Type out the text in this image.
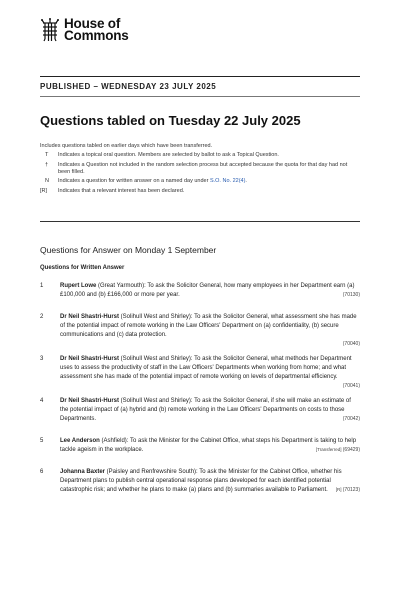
House of
Commons
PUBLISHED – WEDNESDAY 23 JULY 2025
Questions tabled on Tuesday 22 July 2025
Includes questions tabled on earlier days which have been transferred.
T	Indicates a topical oral question. Members are selected by ballot to ask a Topical Question.
†	Indicates a Question not included in the random selection process but accepted because the quota for that day had not been filled.
N	Indicates a question for written answer on a named day under S.O. No. 22(4).
[R]	Indicates that a relevant interest has been declared.
Questions for Answer on Monday 1 September
Questions for Written Answer
1	Rupert Lowe (Great Yarmouth): To ask the Solicitor General, how many employees in her Department earn (a) £100,000 and (b) £166,000 or more per year.	(70130)
2	Dr Neil Shastri-Hurst (Solihull West and Shirley): To ask the Solicitor General, what assessment she has made of the potential impact of remote working in the Law Officers' Department on (a) confidentiality, (b) secure communications and (c) data protection.
(70040)
3	Dr Neil Shastri-Hurst (Solihull West and Shirley): To ask the Solicitor General, what methods her Department uses to assess the productivity of staff in the Law Officers' Departments when working from home; and what assessment she has made of the potential impact of remote working on levels of departmental efficiency.
(70041)
4	Dr Neil Shastri-Hurst (Solihull West and Shirley): To ask the Solicitor General, if she will make an estimate of the potential impact of (a) hybrid and (b) remote working in the Law Officers' Departments on costs to those Departments.	(70042)
5	Lee Anderson (Ashfield): To ask the Minister for the Cabinet Office, what steps his Department is taking to help tackle ageism in the workplace.	[Transferred] (69429)
6	Johanna Baxter (Paisley and Renfrewshire South): To ask the Minister for the Cabinet Office, whether his Department plans to publish central operational response plans developed for each identified potential catastrophic risk; and whether he plans to make (a) plans and (b) summaries available to Parliament.	[R] (70123)
